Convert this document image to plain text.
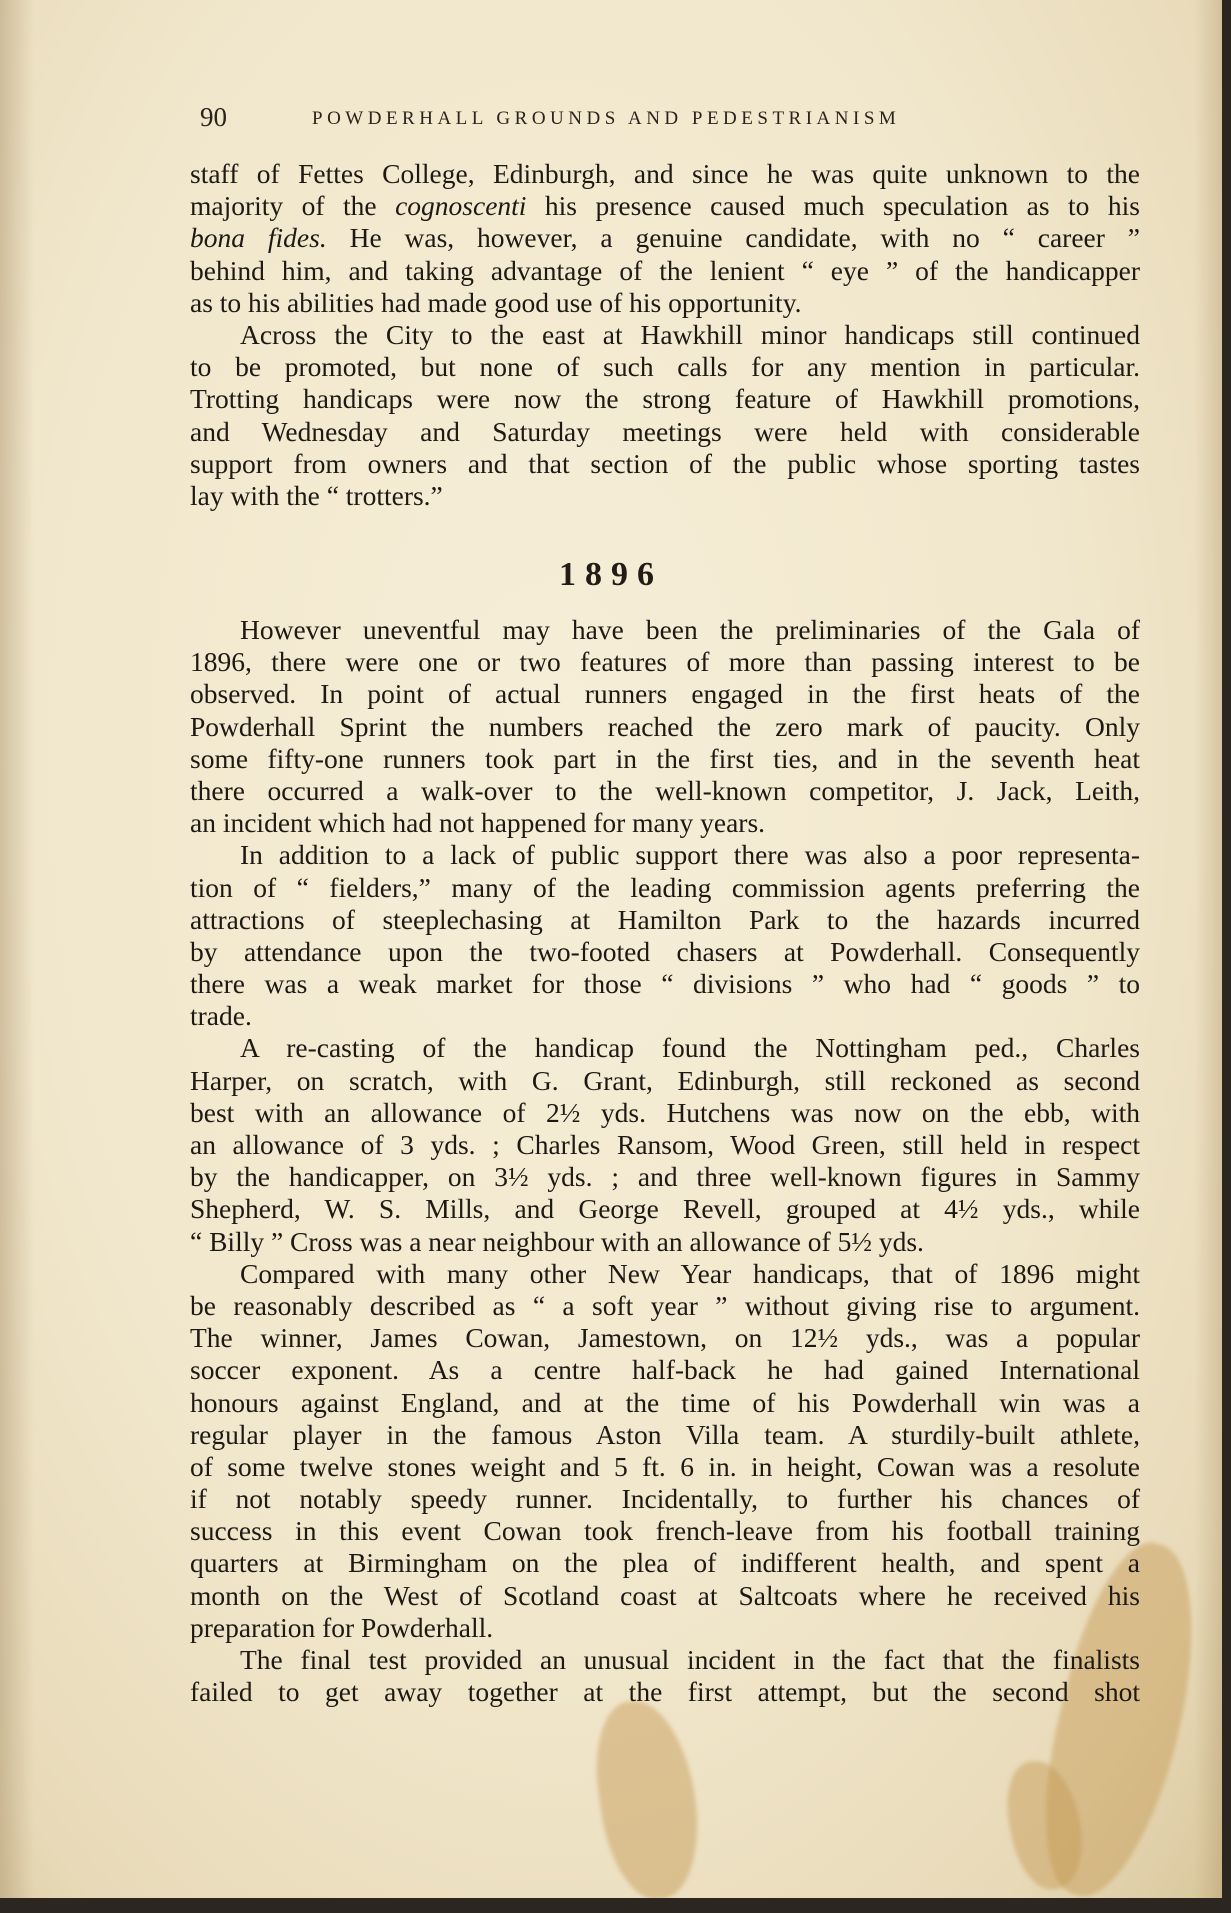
90	POWDERHALL GROUNDS AND PEDESTRIANISM
staff of Fettes College, Edinburgh, and since he was quite unknown to the
majority of the cognoscenti his presence caused much speculation as to his
bona fides. He was, however, a genuine candidate, with no “ career ”
behind him, and taking advantage of the lenient “ eye ” of the handicapper
as to his abilities had made good use of his opportunity.
Across the City to the east at Hawkhill minor handicaps still continued
to be promoted, but none of such calls for any mention in particular.
Trotting handicaps were now the strong feature of Hawkhill promotions,
and Wednesday and Saturday meetings were held with considerable
support from owners and that section of the public whose sporting tastes
lay with the “ trotters.”
1896
However uneventful may have been the preliminaries of the Gala of
1896, there were one or two features of more than passing interest to be
observed. In point of actual runners engaged in the first heats of the
Powderhall Sprint the numbers reached the zero mark of paucity. Only
some fifty-one runners took part in the first ties, and in the seventh heat
there occurred a walk-over to the well-known competitor, J. Jack, Leith,
an incident which had not happened for many years.
In addition to a lack of public support there was also a poor representa-
tion of “ fielders,” many of the leading commission agents preferring the
attractions of steeplechasing at Hamilton Park to the hazards incurred
by attendance upon the two-footed chasers at Powderhall. Consequently
there was a weak market for those “ divisions ” who had “ goods ” to
trade.
A re-casting of the handicap found the Nottingham ped., Charles
Harper, on scratch, with G. Grant, Edinburgh, still reckoned as second
best with an allowance of 2½ yds. Hutchens was now on the ebb, with
an allowance of 3 yds. ; Charles Ransom, Wood Green, still held in respect
by the handicapper, on 3½ yds. ; and three well-known figures in Sammy
Shepherd, W. S. Mills, and George Revell, grouped at 4½ yds., while
“ Billy ” Cross was a near neighbour with an allowance of 5½ yds.
Compared with many other New Year handicaps, that of 1896 might
be reasonably described as “ a soft year ” without giving rise to argument.
The winner, James Cowan, Jamestown, on 12½ yds., was a popular
soccer exponent. As a centre half-back he had gained International
honours against England, and at the time of his Powderhall win was a
regular player in the famous Aston Villa team. A sturdily-built athlete,
of some twelve stones weight and 5 ft. 6 in. in height, Cowan was a resolute
if not notably speedy runner. Incidentally, to further his chances of
success in this event Cowan took french-leave from his football training
quarters at Birmingham on the plea of indifferent health, and spent a
month on the West of Scotland coast at Saltcoats where he received his
preparation for Powderhall.
The final test provided an unusual incident in the fact that the finalists
failed to get away together at the first attempt, but the second shot
